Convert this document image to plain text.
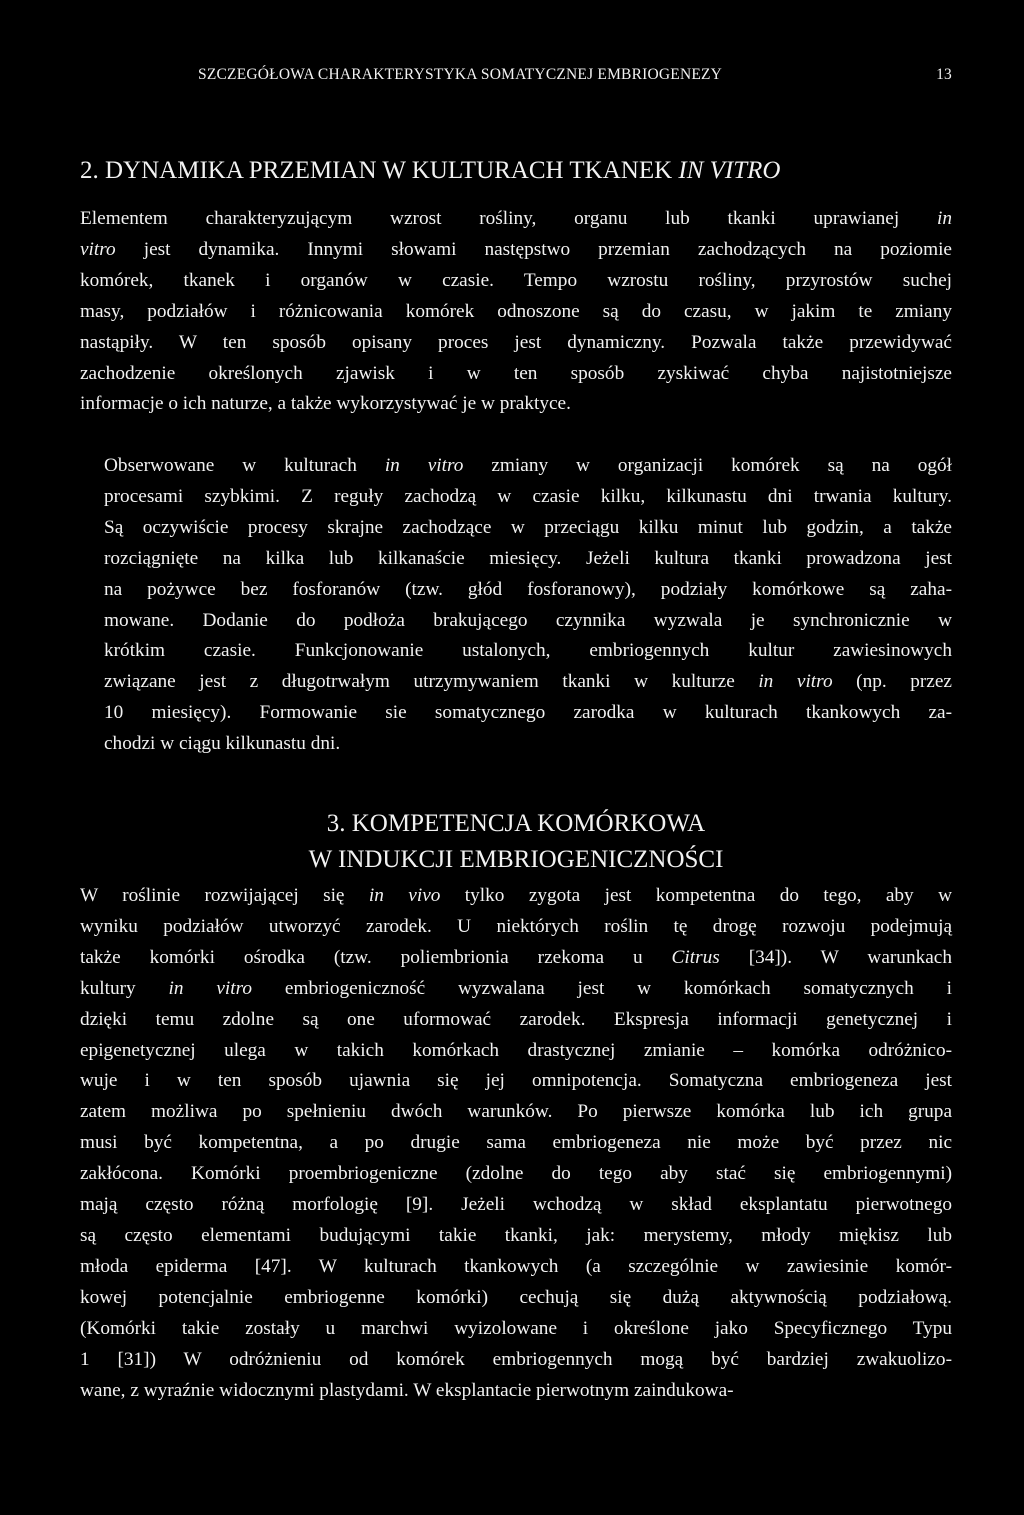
SZCZEGÓŁOWA CHARAKTERYSTYKA SOMATYCZNEJ EMBRIOGENEZY	13
2. DYNAMIKA PRZEMIAN W KULTURACH TKANEK IN VITRO
Elementem charakteryzującym wzrost rośliny, organu lub tkanki uprawianej in
vitro jest dynamika. Innymi słowami następstwo przemian zachodzących na poziomie
komórek, tkanek i organów w czasie. Tempo wzrostu rośliny, przyrostów suchej
masy, podziałów i różnicowania komórek odnoszone są do czasu, w jakim te zmiany
nastąpiły. W ten sposób opisany proces jest dynamiczny. Pozwala także przewidywać
zachodzenie określonych zjawisk i w ten sposób zyskiwać chyba najistotniejsze
informacje o ich naturze, a także wykorzystywać je w praktyce.
Obserwowane w kulturach in vitro zmiany w organizacji komórek są na ogół
procesami szybkimi. Z reguły zachodzą w czasie kilku, kilkunastu dni trwania kultury.
Są oczywiście procesy skrajne zachodzące w przeciągu kilku minut lub godzin, a także
rozciągnięte na kilka lub kilkanaście miesięcy. Jeżeli kultura tkanki prowadzona jest
na pożywce bez fosforanów (tzw. głód fosforanowy), podziały komórkowe są zaha-
mowane. Dodanie do podłoża brakującego czynnika wyzwala je synchronicznie w
krótkim czasie. Funkcjonowanie ustalonych, embriogennych kultur zawiesinowych
związane jest z długotrwałym utrzymywaniem tkanki w kulturze in vitro (np. przez
10 miesięcy). Formowanie sie somatycznego zarodka w kulturach tkankowych za-
chodzi w ciągu kilkunastu dni.
3. KOMPETENCJA KOMÓRKOWA
W INDUKCJI EMBRIOGENICZNOŚCI
W roślinie rozwijającej się in vivo tylko zygota jest kompetentna do tego, aby w
wyniku podziałów utworzyć zarodek. U niektórych roślin tę drogę rozwoju podejmują
także komórki ośrodka (tzw. poliembrionia rzekoma u Citrus [34]). W warunkach
kultury in vitro embriogeniczność wyzwalana jest w komórkach somatycznych i
dzięki temu zdolne są one uformować zarodek. Ekspresja informacji genetycznej i
epigenetycznej ulega w takich komórkach drastycznej zmianie – komórka odróżnico-
wuje i w ten sposób ujawnia się jej omnipotencja. Somatyczna embriogeneza jest
zatem możliwa po spełnieniu dwóch warunków. Po pierwsze komórka lub ich grupa
musi być kompetentna, a po drugie sama embriogeneza nie może być przez nic
zakłócona. Komórki proembriogeniczne (zdolne do tego aby stać się embriogennymi)
mają często różną morfologię [9]. Jeżeli wchodzą w skład eksplantatu pierwotnego
są często elementami budującymi takie tkanki, jak: merystemy, młody miękisz lub
młoda epiderma [47]. W kulturach tkankowych (a szczególnie w zawiesinie komór-
kowej potencjalnie embriogenne komórki) cechują się dużą aktywnością podziałową.
(Komórki takie zostały u marchwi wyizolowane i określone jako Specyficznego Typu
1 [31]) W odróżnieniu od komórek embriogennych mogą być bardziej zwakuolizo-
wane, z wyraźnie widocznymi plastydami. W eksplantacie pierwotnym zaindukowa-
